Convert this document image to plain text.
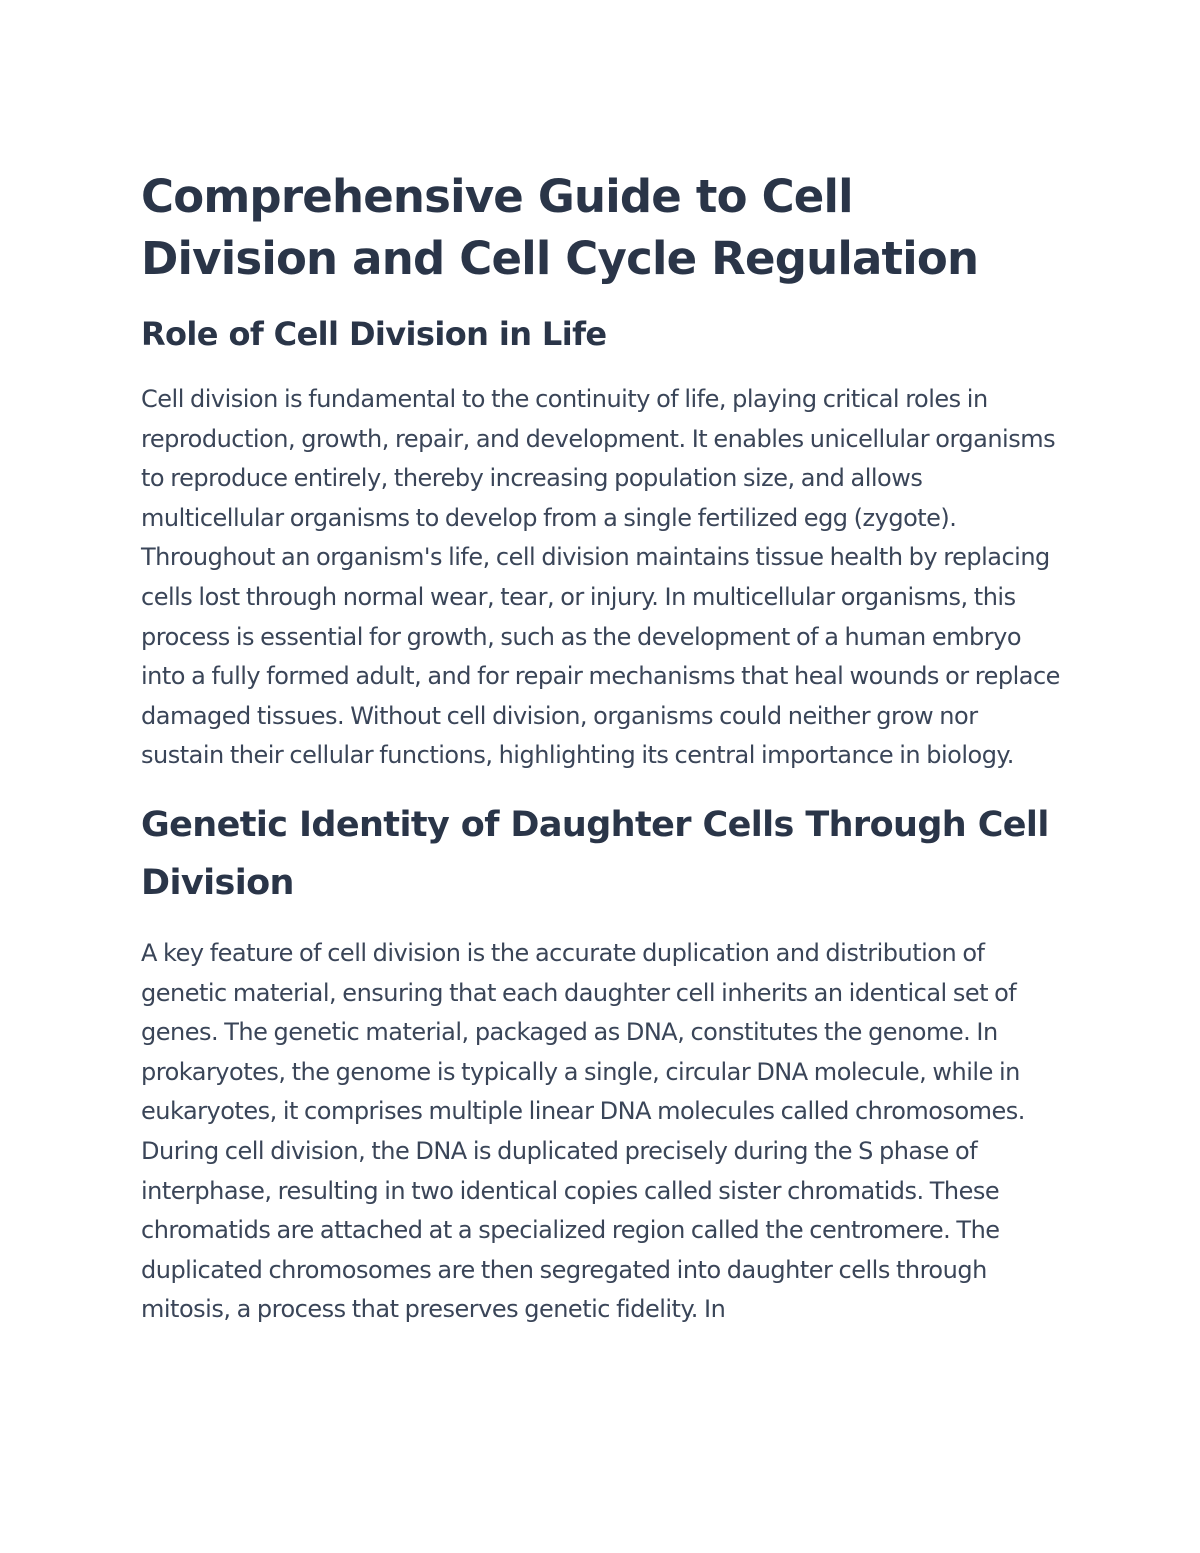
Comprehensive Guide to Cell Division and Cell Cycle Regulation
Role of Cell Division in Life

Cell division is fundamental to the continuity of life, playing critical roles in reproduction, growth, repair, and development. It enables unicellular organisms to reproduce entirely, thereby increasing population size, and allows multicellular organisms to develop from a single fertilized egg (zygote). Throughout an organism's life, cell division maintains tissue health by replacing cells lost through normal wear, tear, or injury. In multicellular organisms, this process is essential for growth, such as the development of a human embryo into a fully formed adult, and for repair mechanisms that heal wounds or replace damaged tissues. Without cell division, organisms could neither grow nor sustain their cellular functions, highlighting its central importance in biology.

Genetic Identity of Daughter Cells Through Cell Division

A key feature of cell division is the accurate duplication and distribution of genetic material, ensuring that each daughter cell inherits an identical set of genes. The genetic material, packaged as DNA, constitutes the genome. In prokaryotes, the genome is typically a single, circular DNA molecule, while in eukaryotes, it comprises multiple linear DNA molecules called chromosomes. During cell division, the DNA is duplicated precisely during the S phase of interphase, resulting in two identical copies called sister chromatids. These chromatids are attached at a specialized region called the centromere. The duplicated chromosomes are then segregated into daughter cells through mitosis, a process that preserves genetic fidelity. In
